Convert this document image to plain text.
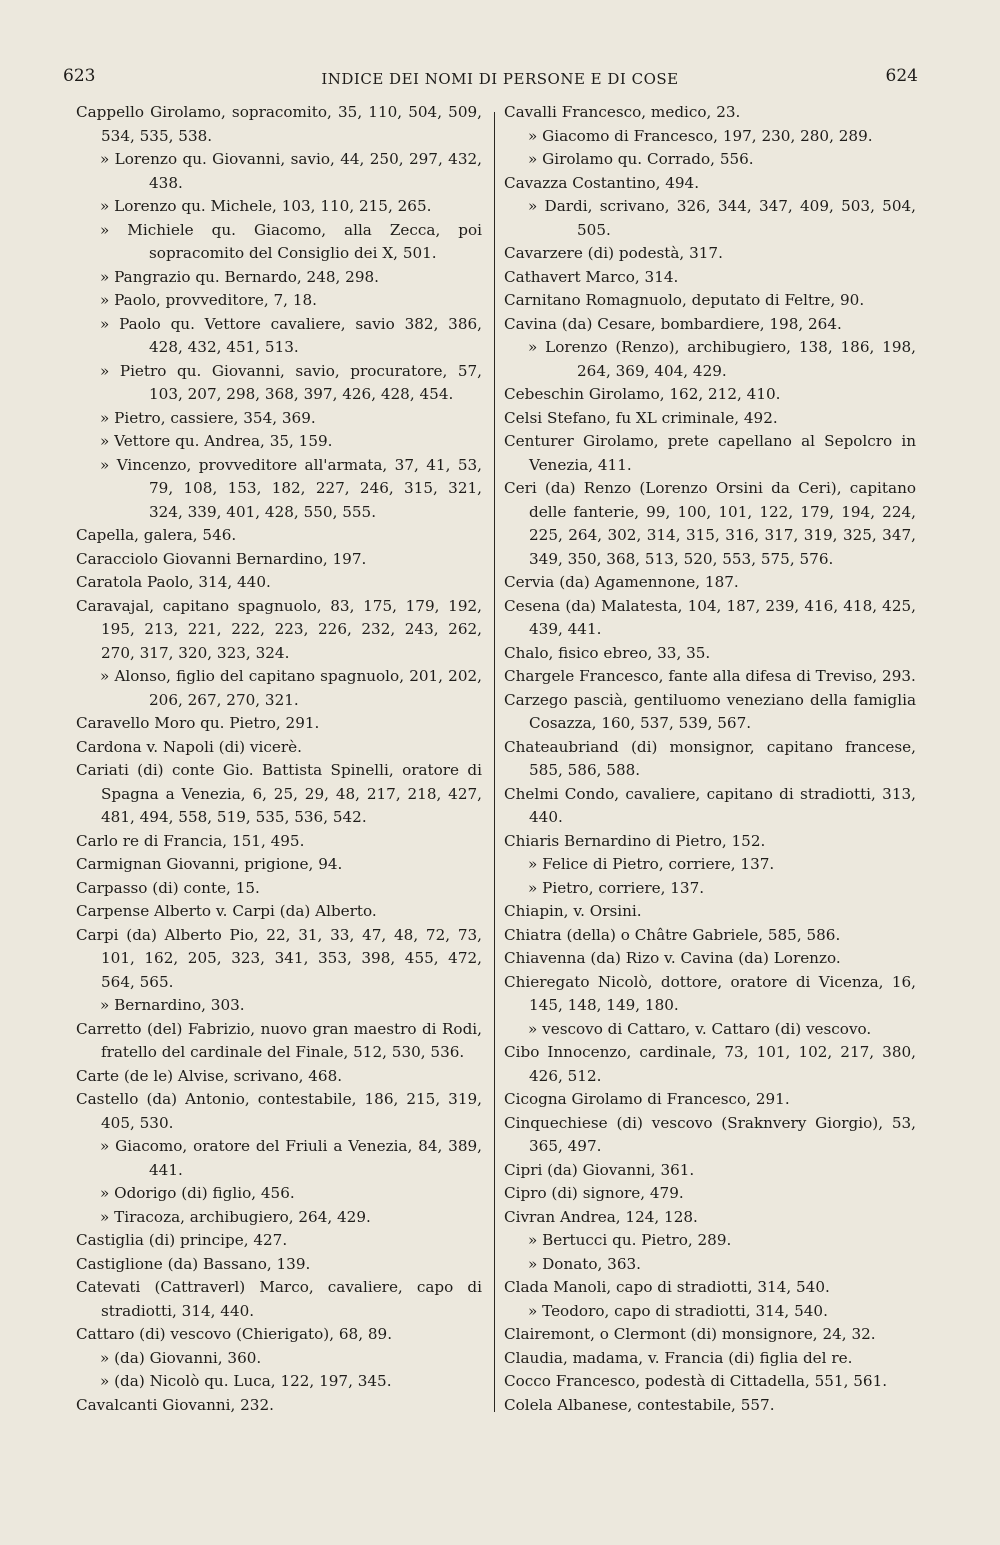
623	INDICE DEI NOMI DI PERSONE E DI COSE	624

Cappello Girolamo, sopracomito, 35, 110, 504, 509, 534, 535, 538.

» Lorenzo qu. Giovanni, savio, 44, 250, 297, 432, 438.

» Lorenzo qu. Michele, 103, 110, 215, 265.

» Michiele qu. Giacomo, alla Zecca, poi sopracomito del Consiglio dei X, 501.

» Pangrazio qu. Bernardo, 248, 298.

» Paolo, provveditore, 7, 18.

» Paolo qu. Vettore cavaliere, savio 382, 386, 428, 432, 451, 513.

» Pietro qu. Giovanni, savio, procuratore, 57, 103, 207, 298, 368, 397, 426, 428, 454.

» Pietro, cassiere, 354, 369.

» Vettore qu. Andrea, 35, 159.

» Vincenzo, provveditore all'armata, 37, 41, 53, 79, 108, 153, 182, 227, 246, 315, 321, 324, 339, 401, 428, 550, 555.

Capella, galera, 546.

Caracciolo Giovanni Bernardino, 197.

Caratola Paolo, 314, 440.

Caravajal, capitano spagnuolo, 83, 175, 179, 192, 195, 213, 221, 222, 223, 226, 232, 243, 262, 270, 317, 320, 323, 324.

» Alonso, figlio del capitano spagnuolo, 201, 202, 206, 267, 270, 321.

Caravello Moro qu. Pietro, 291.

Cardona v. Napoli (di) vicerè.

Cariati (di) conte Gio. Battista Spinelli, oratore di Spagna a Venezia, 6, 25, 29, 48, 217, 218, 427, 481, 494, 558, 519, 535, 536, 542.

Carlo re di Francia, 151, 495.

Carmignan Giovanni, prigione, 94.

Carpasso (di) conte, 15.

Carpense Alberto v. Carpi (da) Alberto.

Carpi (da) Alberto Pio, 22, 31, 33, 47, 48, 72, 73, 101, 162, 205, 323, 341, 353, 398, 455, 472, 564, 565.

» Bernardino, 303.

Carretto (del) Fabrizio, nuovo gran maestro di Rodi, fratello del cardinale del Finale, 512, 530, 536.

Carte (de le) Alvise, scrivano, 468.

Castello (da) Antonio, contestabile, 186, 215, 319, 405, 530.

» Giacomo, oratore del Friuli a Venezia, 84, 389, 441.

» Odorigo (di) figlio, 456.

» Tiracoza, archibugiero, 264, 429.

Castiglia (di) principe, 427.

Castiglione (da) Bassano, 139.

Catevati (Cattraverl) Marco, cavaliere, capo di stradiotti, 314, 440.

Cattaro (di) vescovo (Chierigato), 68, 89.

» (da) Giovanni, 360.

» (da) Nicolò qu. Luca, 122, 197, 345.

Cavalcanti Giovanni, 232.

Cavalli Francesco, medico, 23.

» Giacomo di Francesco, 197, 230, 280, 289.

» Girolamo qu. Corrado, 556.

Cavazza Costantino, 494.

» Dardi, scrivano, 326, 344, 347, 409, 503, 504, 505.

Cavarzere (di) podestà, 317.

Cathavert Marco, 314.

Carnitano Romagnuolo, deputato di Feltre, 90.

Cavina (da) Cesare, bombardiere, 198, 264.

» Lorenzo (Renzo), archibugiero, 138, 186, 198, 264, 369, 404, 429.

Cebeschin Girolamo, 162, 212, 410.

Celsi Stefano, fu XL criminale, 492.

Centurer Girolamo, prete capellano al Sepolcro in Venezia, 411.

Ceri (da) Renzo (Lorenzo Orsini da Ceri), capitano delle fanterie, 99, 100, 101, 122, 179, 194, 224, 225, 264, 302, 314, 315, 316, 317, 319, 325, 347, 349, 350, 368, 513, 520, 553, 575, 576.

Cervia (da) Agamennone, 187.

Cesena (da) Malatesta, 104, 187, 239, 416, 418, 425, 439, 441.

Chalo, fisico ebreo, 33, 35.

Chargele Francesco, fante alla difesa di Treviso, 293.

Carzego pascià, gentiluomo veneziano della famiglia Cosazza, 160, 537, 539, 567.

Chateaubriand (di) monsignor, capitano francese, 585, 586, 588.

Chelmi Condo, cavaliere, capitano di stradiotti, 313, 440.

Chiaris Bernardino di Pietro, 152.

» Felice di Pietro, corriere, 137.

» Pietro, corriere, 137.

Chiapin, v. Orsini.

Chiatra (della) o Châtre Gabriele, 585, 586.

Chiavenna (da) Rizo v. Cavina (da) Lorenzo.

Chieregato Nicolò, dottore, oratore di Vicenza, 16, 145, 148, 149, 180.

» vescovo di Cattaro, v. Cattaro (di) vescovo.

Cibo Innocenzo, cardinale, 73, 101, 102, 217, 380, 426, 512.

Cicogna Girolamo di Francesco, 291.

Cinquechiese (di) vescovo (Sraknvery Giorgio), 53, 365, 497.

Cipri (da) Giovanni, 361.

Cipro (di) signore, 479.

Civran Andrea, 124, 128.

» Bertucci qu. Pietro, 289.

» Donato, 363.

Clada Manoli, capo di stradiotti, 314, 540.

» Teodoro, capo di stradiotti, 314, 540.

Clairemont, o Clermont (di) monsignore, 24, 32.

Claudia, madama, v. Francia (di) figlia del re.

Cocco Francesco, podestà di Cittadella, 551, 561.

Colela Albanese, contestabile, 557.
